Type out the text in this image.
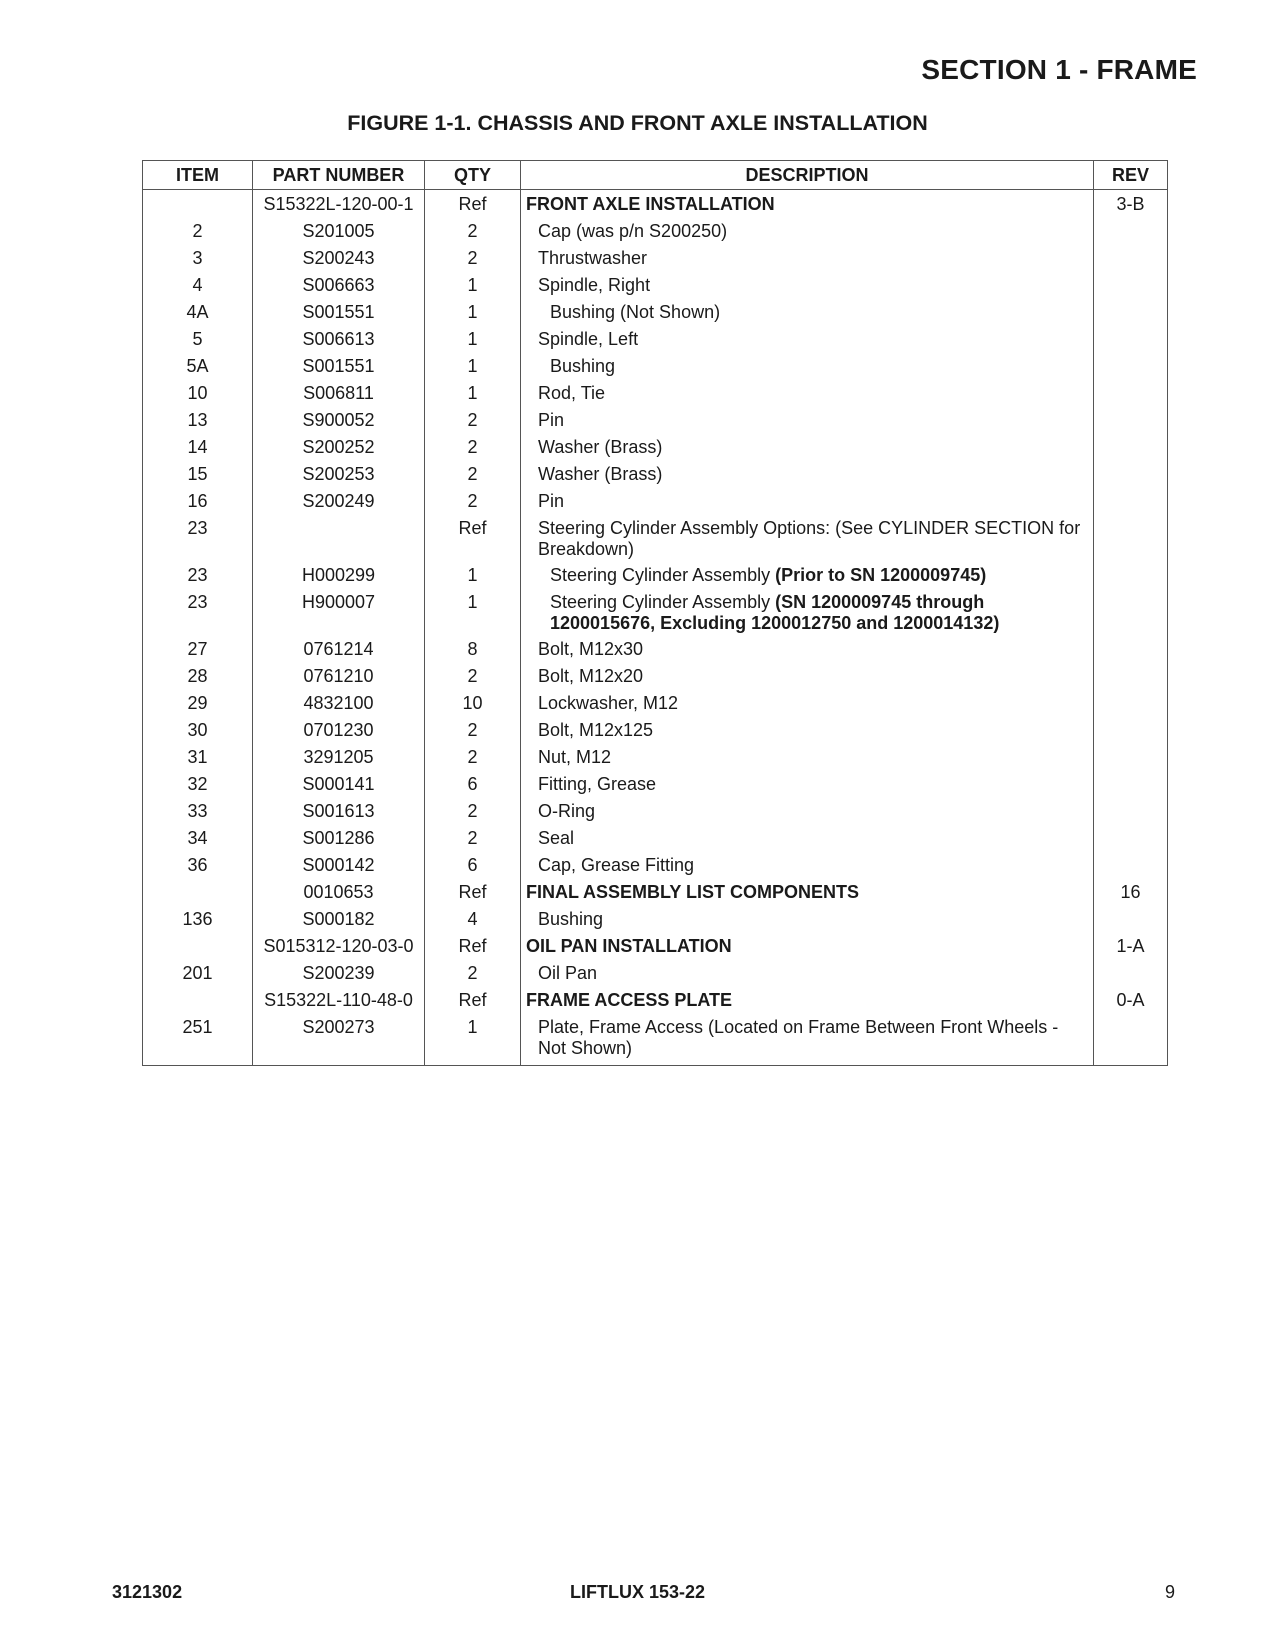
SECTION 1 - FRAME
FIGURE 1-1. CHASSIS AND FRONT AXLE INSTALLATION
ITEM	PART NUMBER	QTY	DESCRIPTION	REV
	S15322L-120-00-1	Ref	FRONT AXLE INSTALLATION	3-B
2	S201005	2	Cap (was p/n S200250)	

3	S200243	2	Thrustwasher	

4	S006663	1	Spindle, Right	

4A	S001551	1	Bushing (Not Shown)	

5	S006613	1	Spindle, Left	

5A	S001551	1	Bushing	

10	S006811	1	Rod, Tie	

13	S900052	2	Pin	

14	S200252	2	Washer (Brass)	

15	S200253	2	Washer (Brass)	

16	S200249	2	Pin	

23		Ref	Steering Cylinder Assembly Options: (See CYLINDER SECTION for Breakdown)	

23	H000299	1	Steering Cylinder Assembly (Prior to SN 1200009745)	

23	H900007	1	Steering Cylinder Assembly (SN 1200009745 through 1200015676, Excluding 1200012750 and 1200014132)	

27	0761214	8	Bolt, M12x30	

28	0761210	2	Bolt, M12x20	

29	4832100	10	Lockwasher, M12	

30	0701230	2	Bolt, M12x125	

31	3291205	2	Nut, M12	

32	S000141	6	Fitting, Grease	

33	S001613	2	O-Ring	

34	S001286	2	Seal	

36	S000142	6	Cap, Grease Fitting	

	0010653	Ref	FINAL ASSEMBLY LIST COMPONENTS	16
136	S000182	4	Bushing	

	S015312-120-03-0	Ref	OIL PAN INSTALLATION	1-A
201	S200239	2	Oil Pan	

	S15322L-110-48-0	Ref	FRAME ACCESS PLATE	0-A
251	S200273	1	Plate, Frame Access (Located on Frame Between Front Wheels - Not Shown)	

3121302	LIFTLUX 153-22	9
